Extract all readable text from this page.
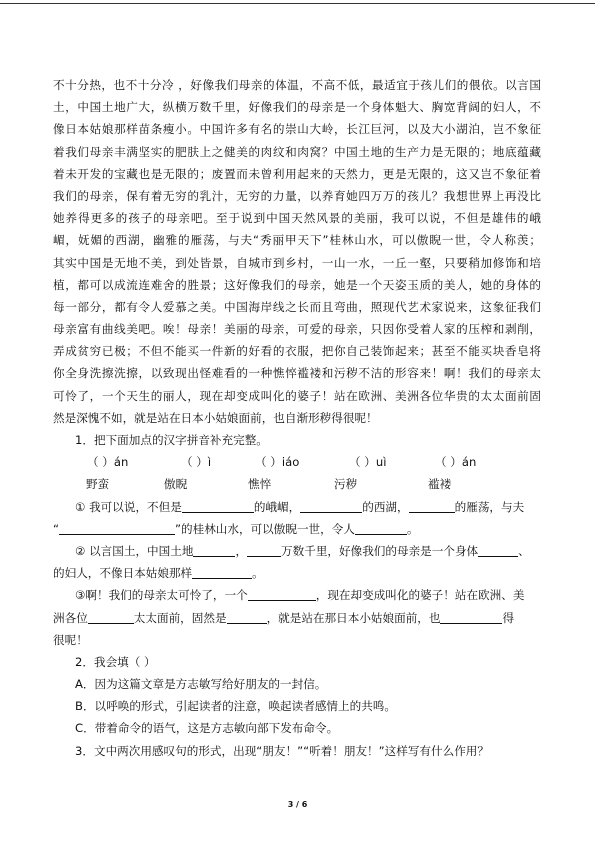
不十分热，也不十分冷 ，好像我们母亲的体温，不高不低，最适宜于孩儿们的偎依。以言国
土，中国土地广大，纵横万数千里，好像我们的母亲是一个身体魁大、胸宽背阔的妇人，不
像日本姑娘那样苗条瘦小。中国许多有名的崇山大岭，长江巨河，以及大小湖泊，岂不象征
着我们母亲丰满坚实的肥肤上之健美的肉纹和肉窝？中国土地的生产力是无限的；地底蕴藏
着未开发的宝藏也是无限的；废置而未曾利用起来的天然力，更是无限的，这又岂不象征着
我们的母亲，保有着无穷的乳汁，无穷的力量，以养育她四万万的孩儿？我想世界上再没比
她养得更多的孩子的母亲吧。至于说到中国天然风景的美丽，我可以说，不但是雄伟的峨
嵋，妩媚的西湖，幽雅的雁荡，与夫“秀丽甲天下”桂林山水，可以傲睨一世，令人称羡；
其实中国是无地不美，到处皆景，自城市到乡村，一山一水，一丘一壑，只要稍加修饰和培
植，都可以成流连难舍的胜景；这好像我们的母亲，她是一个天姿玉质的美人，她的身体的
每一部分，都有令人爱慕之美。中国海岸线之长而且弯曲，照现代艺术家说来，这象征我们
母亲富有曲线美吧。唉！母亲！美丽的母亲，可爱的母亲，只因你受着人家的压榨和剥削，
弄成贫穷已极；不但不能买一件新的好看的衣服，把你自己装饰起来；甚至不能买块香皂将
你全身洗擦洗擦，以致现出怪难看的一种憔悴褴褛和污秽不洁的形容来！啊！我们的母亲太
可怜了，一个天生的丽人，现在却变成叫化的婆子！站在欧洲、美洲各位华贵的太太面前固
然是深愧不如，就是站在日本小姑娘面前，也自渐形秽得很呢！
1．把下面加点的汉字拼音补充完整。
（ ）án	（ ）ì	（ ）iáo	（ ）uì	（ ）án
野蛮	傲睨	憔悴	污秽	褴褛
① 我可以说，不但是	的峨嵋，	的西湖，	的雁荡，与夫
“	”的桂林山水，可以傲睨一世，令人	。
② 以言国土，中国土地	，	万数千里，好像我们的母亲是一个身体	、
的妇人，不像日本姑娘那样	。
③啊！我们的母亲太可怜了，一个	，现在却变成叫化的婆子！站在欧洲、美
洲各位	太太面前，固然是	，就是站在那日本小姑娘面前，也	得
很呢！
2．我会填（ ）
A．因为这篇文章是方志敏写给好朋友的一封信。
B．以呼唤的形式，引起读者的注意，唤起读者感情上的共鸣。
C．带着命令的语气，这是方志敏向部下发布命令。
3．文中两次用感叹句的形式，出现“朋友！”“听着！朋友！”这样写有什么作用？
3 / 6
